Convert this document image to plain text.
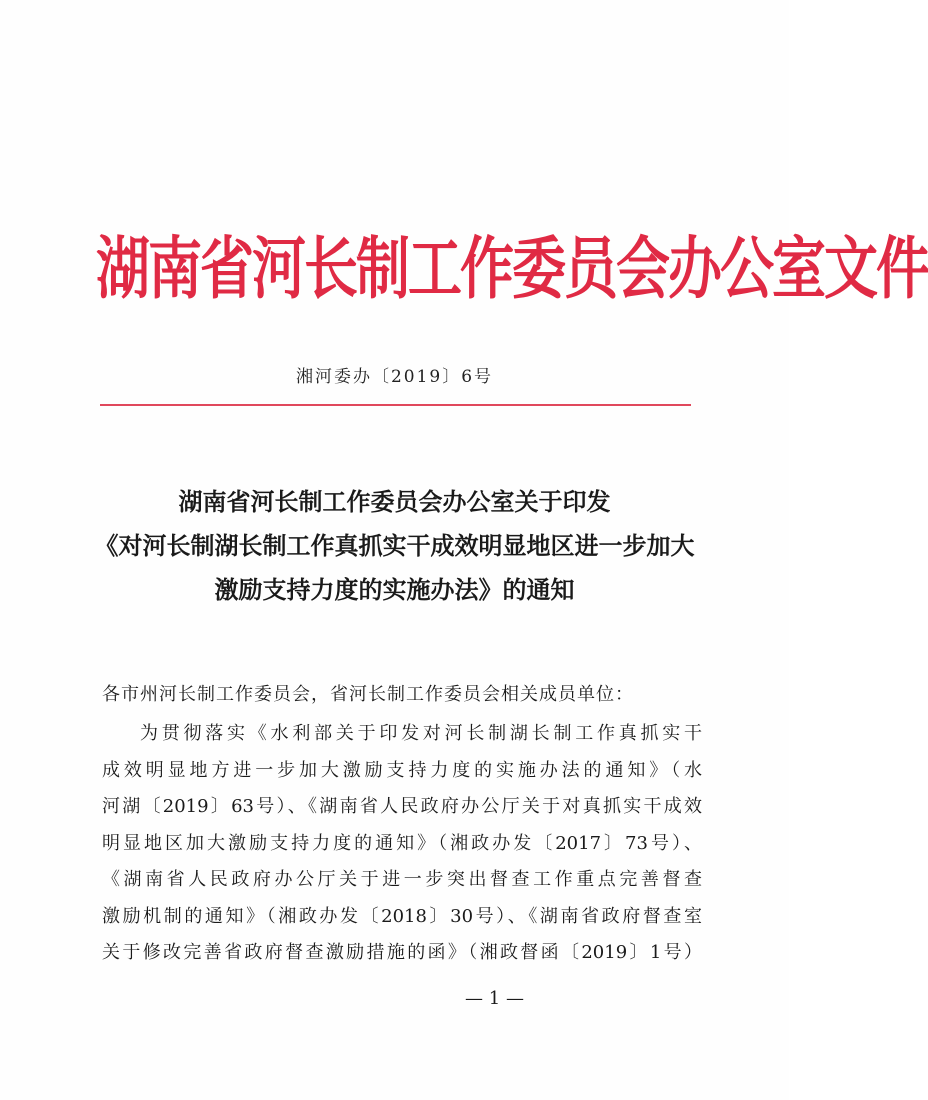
湖南省河长制工作委员会办公室文件
湘河委办〔2019〕6号
湖南省河长制工作委员会办公室关于印发
《对河长制湖长制工作真抓实干成效明显地区进一步加大
激励支持力度的实施办法》的通知
各市州河长制工作委员会，省河长制工作委员会相关成员单位：
为贯彻落实《水利部关于印发对河长制湖长制工作真抓实干
成效明显地方进一步加大激励支持力度的实施办法的通知》（水
河湖〔2019〕63号）、《湖南省人民政府办公厅关于对真抓实干成效
明显地区加大激励支持力度的通知》（湘政办发〔2017〕73号）、
《湖南省人民政府办公厅关于进一步突出督查工作重点完善督查
激励机制的通知》（湘政办发〔2018〕30号）、《湖南省政府督查室
关于修改完善省政府督查激励措施的函》（湘政督函〔2019〕1号）
— 1 —
